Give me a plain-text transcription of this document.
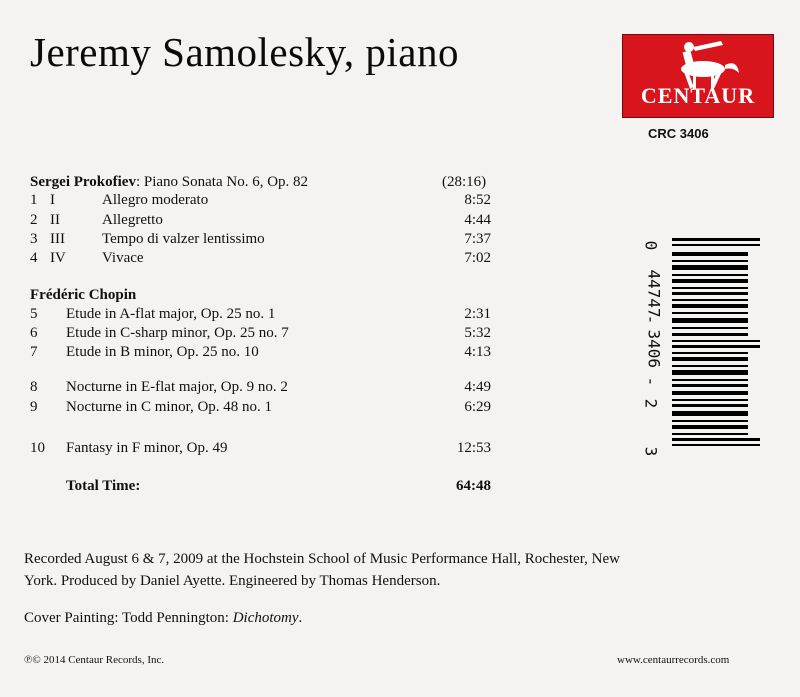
Jeremy Samolesky, piano
CENTAUR
CRC 3406
Sergei Prokofiev: Piano Sonata No. 6, Op. 82	(28:16)
1 I	Allegro moderato	8:52
2 II	Allegretto	4:44
3 III Tempo di valzer lentissimo	7:37
4 IV Vivace	7:02
Frédéric Chopin
5 Etude in A-flat major, Op. 25 no. 1	2:31
6 Etude in C-sharp minor, Op. 25 no. 7	5:32
7 Etude in B minor, Op. 25 no. 10	4:13
8 Nocturne in E-flat major, Op. 9 no. 2	4:49
9 Nocturne in C minor, Op. 48 no. 1	6:29
10 Fantasy in F minor, Op. 49	12:53
Total Time:	64:48
0
44747
-
3406
-
2
3

Recorded August 6 & 7, 2009 at the Hochstein School of Music Performance Hall, Rochester, New York. Produced by Daniel Ayette. Engineered by Thomas Henderson.

Cover Painting: Todd Pennington: Dichotomy.
℗© 2014 Centaur Records, Inc.	www.centaurrecords.com
